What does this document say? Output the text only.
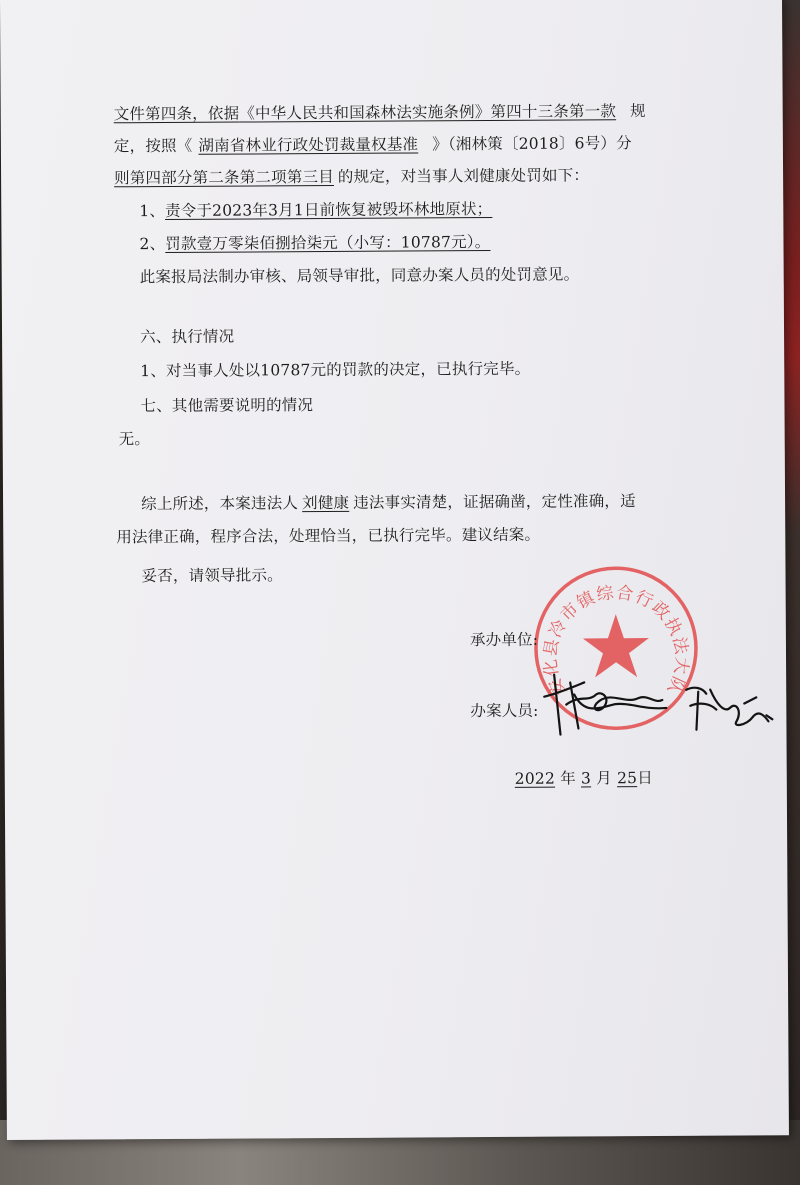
文件第四条，依据《中华人民共和国森林法实施条例》第四十三条第一款 规
定，按照《 湖南省林业行政处罚裁量权基准 》（湘林策〔2018〕6号）分
则第四部分第二条第二项第三目 的规定，对当事人刘健康处罚如下：
1、责令于2023年3月1日前恢复被毁坏林地原状；
2、罚款壹万零柒佰捌拾柒元（小写：10787元）。
此案报局法制办审核、局领导审批，同意办案人员的处罚意见。
六、执行情况
1、对当事人处以10787元的罚款的决定，已执行完毕。
七、其他需要说明的情况
无。
综上所述，本案违法人 刘健康 违法事实清楚，证据确凿，定性准确，适
用法律正确，程序合法，处理恰当，已执行完毕。建议结案。
妥否，请领导批示。
安化县冷市镇综合行政执法大队
承办单位:
办案人员:
2022 年 3 月 25日
